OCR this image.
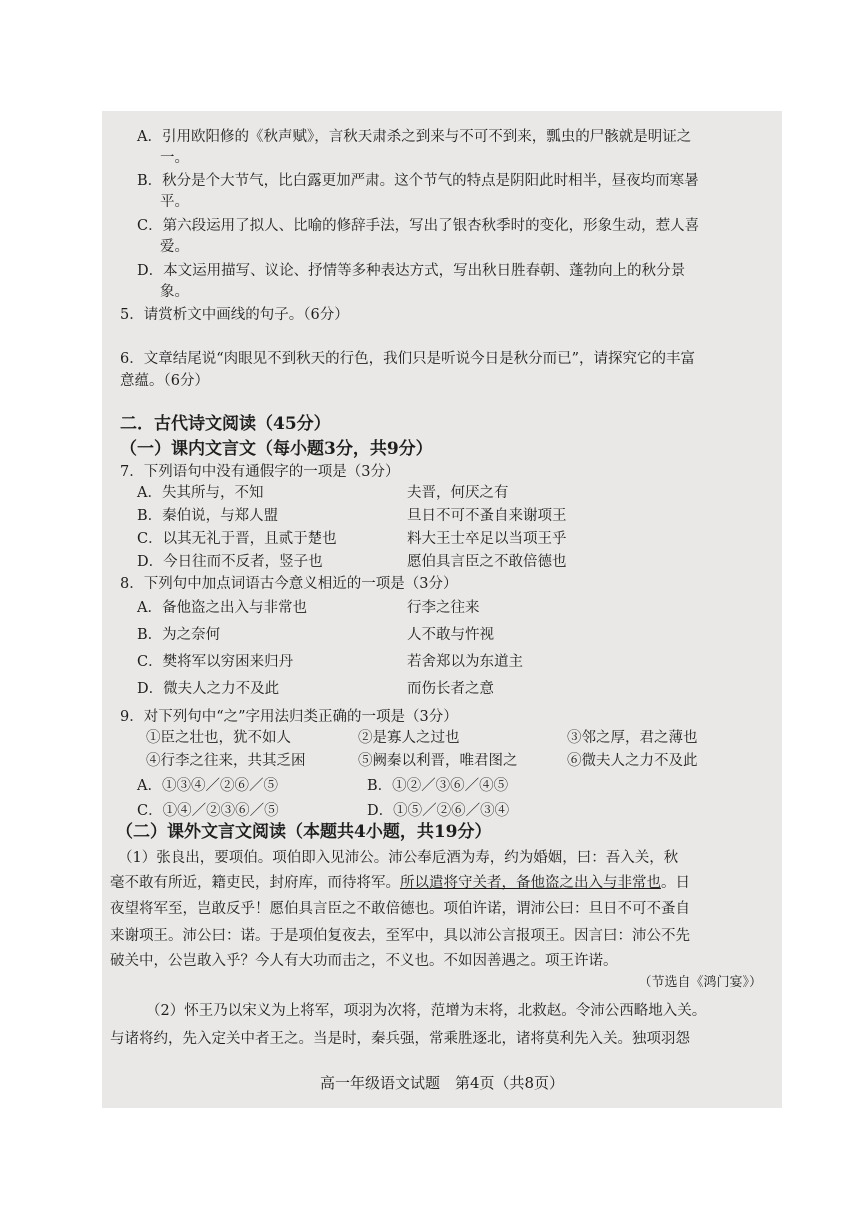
A．引用欧阳修的《秋声赋》，言秋天肃杀之到来与不可不到来，瓢虫的尸骸就是明证之
一。
B．秋分是个大节气，比白露更加严肃。这个节气的特点是阴阳此时相半，昼夜均而寒暑
平。
C．第六段运用了拟人、比喻的修辞手法，写出了银杏秋季时的变化，形象生动，惹人喜
爱。
D．本文运用描写、议论、抒情等多种表达方式，写出秋日胜春朝、蓬勃向上的秋分景
象。
5．请赏析文中画线的句子。（6分）
6．文章结尾说“肉眼见不到秋天的行色，我们只是听说今日是秋分而已”，请探究它的丰富
意蕴。（6分）
二．古代诗文阅读（45分）
（一）课内文言文（每小题3分，共9分）
7．下列语句中没有通假字的一项是（3分）
A．失其所与，不知	夫晋，何厌之有
B．秦伯说，与郑人盟	旦日不可不蚤自来谢项王
C．以其无礼于晋，且贰于楚也	料大王士卒足以当项王乎
D．今日往而不反者，竖子也	愿伯具言臣之不敢倍德也
8．下列句中加点词语古今意义相近的一项是（3分）
A．备他盗之出入与非常也	行李之往来
B．为之奈何	人不敢与忤视
C．樊将军以穷困来归丹	若舍郑以为东道主
D．微夫人之力不及此	而伤长者之意
9．对下列句中“之”字用法归类正确的一项是（3分）
①臣之壮也，犹不如人	②是寡人之过也	③邻之厚，君之薄也
④行李之往来，共其乏困	⑤阙秦以利晋，唯君图之	⑥微夫人之力不及此
A．①③④／②⑥／⑤	B．①②／③⑥／④⑤
C．①④／②③⑥／⑤	D．①⑤／②⑥／③④
（二）课外文言文阅读（本题共4小题，共19分）
（1）张良出，要项伯。项伯即入见沛公。沛公奉卮酒为寿，约为婚姻，曰：吾入关，秋
毫不敢有所近，籍吏民，封府库，而待将军。所以遣将守关者，备他盗之出入与非常也。日
夜望将军至，岂敢反乎！愿伯具言臣之不敢倍德也。项伯许诺，谓沛公曰：旦日不可不蚤自
来谢项王。沛公曰：诺。于是项伯复夜去，至军中，具以沛公言报项王。因言曰：沛公不先
破关中，公岂敢入乎？今人有大功而击之，不义也。不如因善遇之。项王许诺。
（节选自《鸿门宴》）
（2）怀王乃以宋义为上将军，项羽为次将，范增为末将，北救赵。令沛公西略地入关。
与诸将约，先入定关中者王之。当是时，秦兵强，常乘胜逐北，诸将莫利先入关。独项羽怨
高一年级语文试题　第4页（共8页）
